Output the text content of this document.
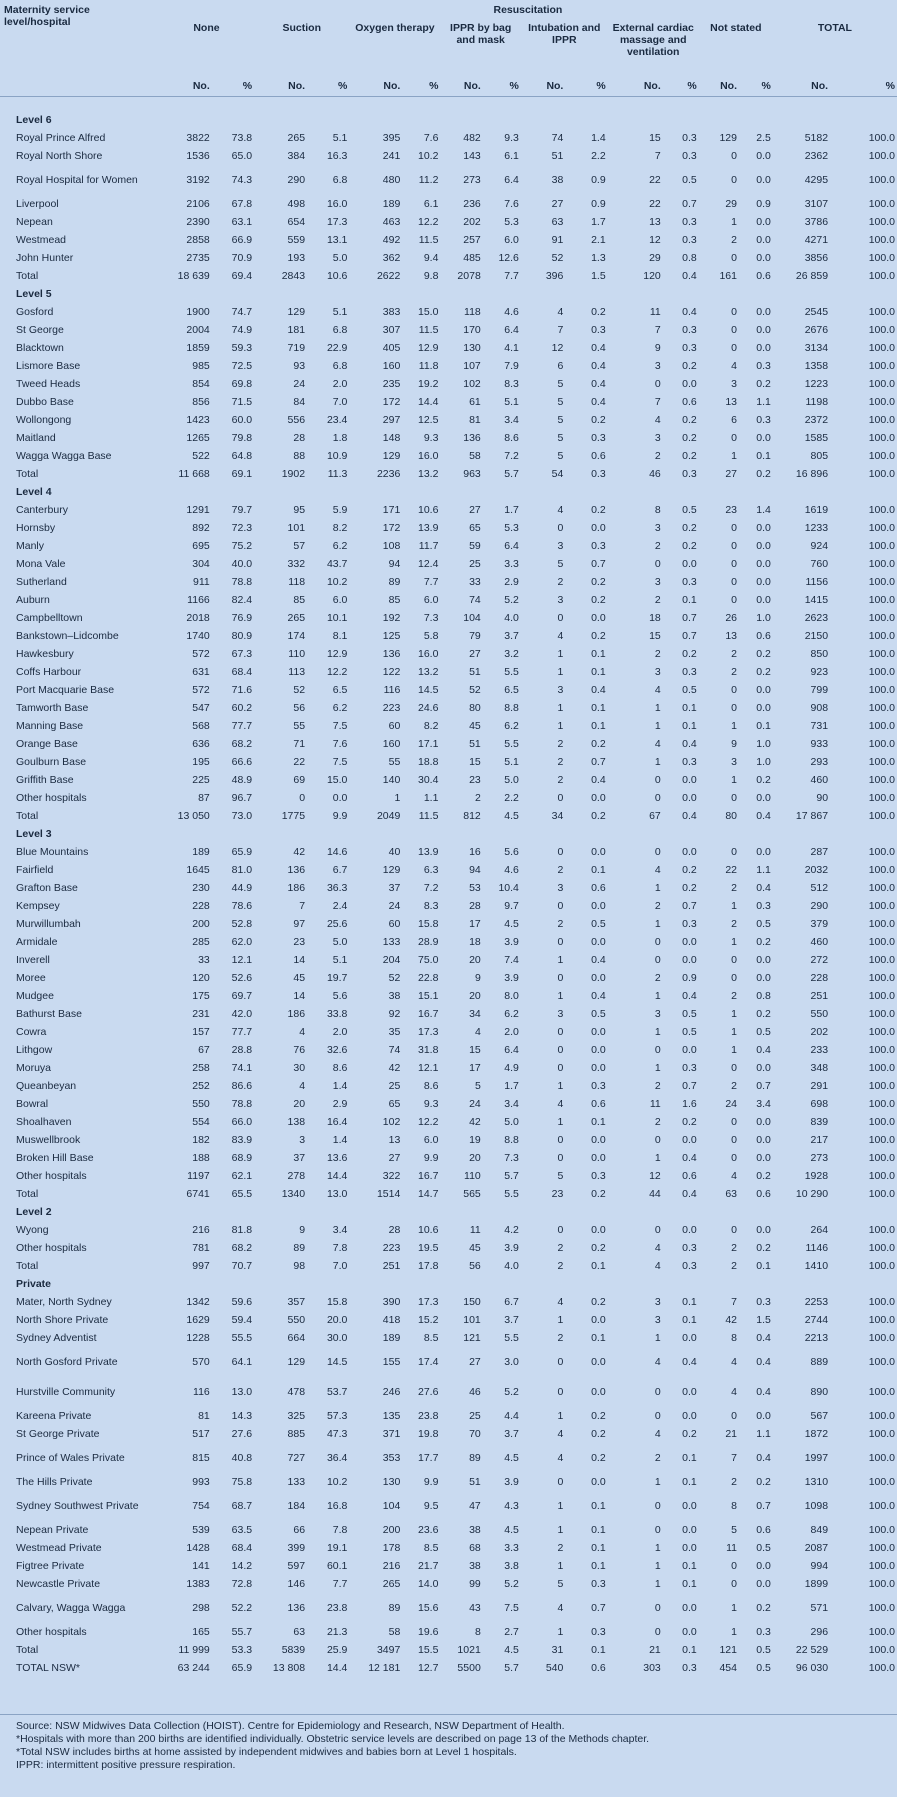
Maternity service level/hospital	Resuscitation															
	None		Suction		Oxygen therapy		IPPR by bag and mask		Intubation and IPPR		External cardiac massage and ventilation		Not stated		TOTAL	
	No.	%	No.	%	No.	%	No.	%	No.	%	No.	%	No.	%	No.	%

Level 6																
Royal Prince Alfred	3822	73.8	265	5.1	395	7.6	482	9.3	74	1.4	15	0.3	129	2.5	5182	100.0
Royal North Shore	1536	65.0	384	16.3	241	10.2	143	6.1	51	2.2	7	0.3	0	0.0	2362	100.0
Royal Hospital for Women	3192	74.3	290	6.8	480	11.2	273	6.4	38	0.9	22	0.5	0	0.0	4295	100.0
Liverpool	2106	67.8	498	16.0	189	6.1	236	7.6	27	0.9	22	0.7	29	0.9	3107	100.0
Nepean	2390	63.1	654	17.3	463	12.2	202	5.3	63	1.7	13	0.3	1	0.0	3786	100.0
Westmead	2858	66.9	559	13.1	492	11.5	257	6.0	91	2.1	12	0.3	2	0.0	4271	100.0
John Hunter	2735	70.9	193	5.0	362	9.4	485	12.6	52	1.3	29	0.8	0	0.0	3856	100.0
Total	18 639	69.4	2843	10.6	2622	9.8	2078	7.7	396	1.5	120	0.4	161	0.6	26 859	100.0
Level 5																
Gosford	1900	74.7	129	5.1	383	15.0	118	4.6	4	0.2	11	0.4	0	0.0	2545	100.0
St George	2004	74.9	181	6.8	307	11.5	170	6.4	7	0.3	7	0.3	0	0.0	2676	100.0
Blacktown	1859	59.3	719	22.9	405	12.9	130	4.1	12	0.4	9	0.3	0	0.0	3134	100.0
Lismore Base	985	72.5	93	6.8	160	11.8	107	7.9	6	0.4	3	0.2	4	0.3	1358	100.0
Tweed Heads	854	69.8	24	2.0	235	19.2	102	8.3	5	0.4	0	0.0	3	0.2	1223	100.0
Dubbo Base	856	71.5	84	7.0	172	14.4	61	5.1	5	0.4	7	0.6	13	1.1	1198	100.0
Wollongong	1423	60.0	556	23.4	297	12.5	81	3.4	5	0.2	4	0.2	6	0.3	2372	100.0
Maitland	1265	79.8	28	1.8	148	9.3	136	8.6	5	0.3	3	0.2	0	0.0	1585	100.0
Wagga Wagga Base	522	64.8	88	10.9	129	16.0	58	7.2	5	0.6	2	0.2	1	0.1	805	100.0
Total	11 668	69.1	1902	11.3	2236	13.2	963	5.7	54	0.3	46	0.3	27	0.2	16 896	100.0
Level 4																
Canterbury	1291	79.7	95	5.9	171	10.6	27	1.7	4	0.2	8	0.5	23	1.4	1619	100.0
Hornsby	892	72.3	101	8.2	172	13.9	65	5.3	0	0.0	3	0.2	0	0.0	1233	100.0
Manly	695	75.2	57	6.2	108	11.7	59	6.4	3	0.3	2	0.2	0	0.0	924	100.0
Mona Vale	304	40.0	332	43.7	94	12.4	25	3.3	5	0.7	0	0.0	0	0.0	760	100.0
Sutherland	911	78.8	118	10.2	89	7.7	33	2.9	2	0.2	3	0.3	0	0.0	1156	100.0
Auburn	1166	82.4	85	6.0	85	6.0	74	5.2	3	0.2	2	0.1	0	0.0	1415	100.0
Campbelltown	2018	76.9	265	10.1	192	7.3	104	4.0	0	0.0	18	0.7	26	1.0	2623	100.0
Bankstown–Lidcombe	1740	80.9	174	8.1	125	5.8	79	3.7	4	0.2	15	0.7	13	0.6	2150	100.0
Hawkesbury	572	67.3	110	12.9	136	16.0	27	3.2	1	0.1	2	0.2	2	0.2	850	100.0
Coffs Harbour	631	68.4	113	12.2	122	13.2	51	5.5	1	0.1	3	0.3	2	0.2	923	100.0
Port Macquarie Base	572	71.6	52	6.5	116	14.5	52	6.5	3	0.4	4	0.5	0	0.0	799	100.0
Tamworth Base	547	60.2	56	6.2	223	24.6	80	8.8	1	0.1	1	0.1	0	0.0	908	100.0
Manning Base	568	77.7	55	7.5	60	8.2	45	6.2	1	0.1	1	0.1	1	0.1	731	100.0
Orange Base	636	68.2	71	7.6	160	17.1	51	5.5	2	0.2	4	0.4	9	1.0	933	100.0
Goulburn Base	195	66.6	22	7.5	55	18.8	15	5.1	2	0.7	1	0.3	3	1.0	293	100.0
Griffith Base	225	48.9	69	15.0	140	30.4	23	5.0	2	0.4	0	0.0	1	0.2	460	100.0
Other hospitals	87	96.7	0	0.0	1	1.1	2	2.2	0	0.0	0	0.0	0	0.0	90	100.0
Total	13 050	73.0	1775	9.9	2049	11.5	812	4.5	34	0.2	67	0.4	80	0.4	17 867	100.0
Level 3																
Blue Mountains	189	65.9	42	14.6	40	13.9	16	5.6	0	0.0	0	0.0	0	0.0	287	100.0
Fairfield	1645	81.0	136	6.7	129	6.3	94	4.6	2	0.1	4	0.2	22	1.1	2032	100.0
Grafton Base	230	44.9	186	36.3	37	7.2	53	10.4	3	0.6	1	0.2	2	0.4	512	100.0
Kempsey	228	78.6	7	2.4	24	8.3	28	9.7	0	0.0	2	0.7	1	0.3	290	100.0
Murwillumbah	200	52.8	97	25.6	60	15.8	17	4.5	2	0.5	1	0.3	2	0.5	379	100.0
Armidale	285	62.0	23	5.0	133	28.9	18	3.9	0	0.0	0	0.0	1	0.2	460	100.0
Inverell	33	12.1	14	5.1	204	75.0	20	7.4	1	0.4	0	0.0	0	0.0	272	100.0
Moree	120	52.6	45	19.7	52	22.8	9	3.9	0	0.0	2	0.9	0	0.0	228	100.0
Mudgee	175	69.7	14	5.6	38	15.1	20	8.0	1	0.4	1	0.4	2	0.8	251	100.0
Bathurst Base	231	42.0	186	33.8	92	16.7	34	6.2	3	0.5	3	0.5	1	0.2	550	100.0
Cowra	157	77.7	4	2.0	35	17.3	4	2.0	0	0.0	1	0.5	1	0.5	202	100.0
Lithgow	67	28.8	76	32.6	74	31.8	15	6.4	0	0.0	0	0.0	1	0.4	233	100.0
Moruya	258	74.1	30	8.6	42	12.1	17	4.9	0	0.0	1	0.3	0	0.0	348	100.0
Queanbeyan	252	86.6	4	1.4	25	8.6	5	1.7	1	0.3	2	0.7	2	0.7	291	100.0
Bowral	550	78.8	20	2.9	65	9.3	24	3.4	4	0.6	11	1.6	24	3.4	698	100.0
Shoalhaven	554	66.0	138	16.4	102	12.2	42	5.0	1	0.1	2	0.2	0	0.0	839	100.0
Muswellbrook	182	83.9	3	1.4	13	6.0	19	8.8	0	0.0	0	0.0	0	0.0	217	100.0
Broken Hill Base	188	68.9	37	13.6	27	9.9	20	7.3	0	0.0	1	0.4	0	0.0	273	100.0
Other hospitals	1197	62.1	278	14.4	322	16.7	110	5.7	5	0.3	12	0.6	4	0.2	1928	100.0
Total	6741	65.5	1340	13.0	1514	14.7	565	5.5	23	0.2	44	0.4	63	0.6	10 290	100.0
Level 2																
Wyong	216	81.8	9	3.4	28	10.6	11	4.2	0	0.0	0	0.0	0	0.0	264	100.0
Other hospitals	781	68.2	89	7.8	223	19.5	45	3.9	2	0.2	4	0.3	2	0.2	1146	100.0
Total	997	70.7	98	7.0	251	17.8	56	4.0	2	0.1	4	0.3	2	0.1	1410	100.0
Private																
Mater, North Sydney	1342	59.6	357	15.8	390	17.3	150	6.7	4	0.2	3	0.1	7	0.3	2253	100.0
North Shore Private	1629	59.4	550	20.0	418	15.2	101	3.7	1	0.0	3	0.1	42	1.5	2744	100.0
Sydney Adventist	1228	55.5	664	30.0	189	8.5	121	5.5	2	0.1	1	0.0	8	0.4	2213	100.0
North Gosford Private	570	64.1	129	14.5	155	17.4	27	3.0	0	0.0	4	0.4	4	0.4	889	100.0
Hurstville Community	116	13.0	478	53.7	246	27.6	46	5.2	0	0.0	0	0.0	4	0.4	890	100.0
Kareena Private	81	14.3	325	57.3	135	23.8	25	4.4	1	0.2	0	0.0	0	0.0	567	100.0
St George Private	517	27.6	885	47.3	371	19.8	70	3.7	4	0.2	4	0.2	21	1.1	1872	100.0
Prince of Wales Private	815	40.8	727	36.4	353	17.7	89	4.5	4	0.2	2	0.1	7	0.4	1997	100.0
The Hills Private	993	75.8	133	10.2	130	9.9	51	3.9	0	0.0	1	0.1	2	0.2	1310	100.0
Sydney Southwest Private	754	68.7	184	16.8	104	9.5	47	4.3	1	0.1	0	0.0	8	0.7	1098	100.0
Nepean Private	539	63.5	66	7.8	200	23.6	38	4.5	1	0.1	0	0.0	5	0.6	849	100.0
Westmead Private	1428	68.4	399	19.1	178	8.5	68	3.3	2	0.1	1	0.0	11	0.5	2087	100.0
Figtree Private	141	14.2	597	60.1	216	21.7	38	3.8	1	0.1	1	0.1	0	0.0	994	100.0
Newcastle Private	1383	72.8	146	7.7	265	14.0	99	5.2	5	0.3	1	0.1	0	0.0	1899	100.0
Calvary, Wagga Wagga	298	52.2	136	23.8	89	15.6	43	7.5	4	0.7	0	0.0	1	0.2	571	100.0
Other hospitals	165	55.7	63	21.3	58	19.6	8	2.7	1	0.3	0	0.0	1	0.3	296	100.0
Total	11 999	53.3	5839	25.9	3497	15.5	1021	4.5	31	0.1	21	0.1	121	0.5	22 529	100.0
TOTAL NSW*	63 244	65.9	13 808	14.4	12 181	12.7	5500	5.7	540	0.6	303	0.3	454	0.5	96 030	100.0
Source: NSW Midwives Data Collection (HOIST). Centre for Epidemiology and Research, NSW Department of Health.
*Hospitals with more than 200 births are identified individually. Obstetric service levels are described on page 13 of the Methods chapter.
*Total NSW includes births at home assisted by independent midwives and babies born at Level 1 hospitals.
IPPR: intermittent positive pressure respiration.
